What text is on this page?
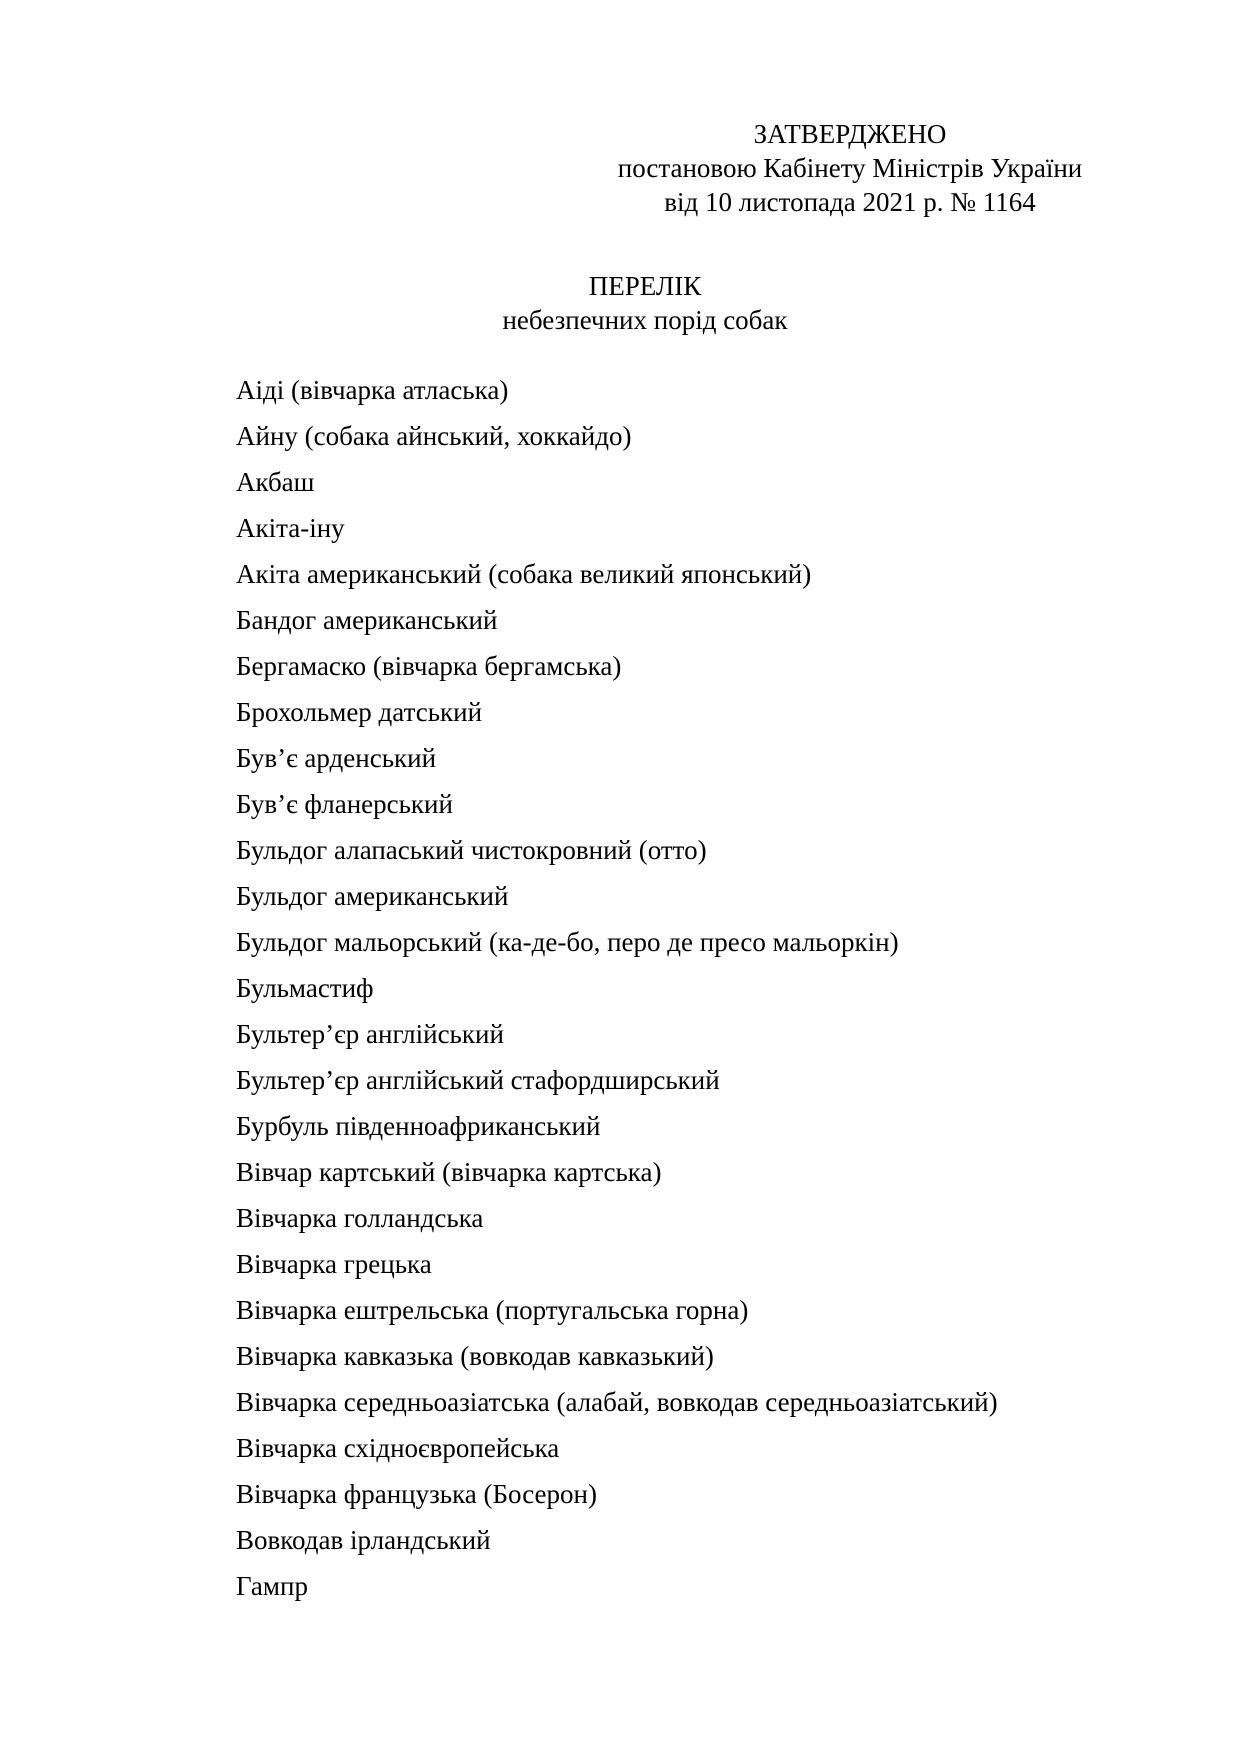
ЗАТВЕРДЖЕНО
постановою Кабінету Міністрів України
від 10 листопада 2021 р. № 1164
ПЕРЕЛІК
небезпечних порід собак
Аіді (вівчарка атласька)
Айну (собака айнський, хоккайдо)
Акбаш
Акіта-іну
Акіта американський (собака великий японський)
Бандог американський
Бергамаско (вівчарка бергамська)
Брохольмер датський
Був’є арденський
Був’є фланерський
Бульдог алапаський чистокровний (отто)
Бульдог американський
Бульдог мальорський (ка-де-бо, перо де пресо мальоркін)
Бульмастиф
Бультер’єр англійський
Бультер’єр англійський стафордширський
Бурбуль південноафриканський
Вівчар картський (вівчарка картська)
Вівчарка голландська
Вівчарка грецька
Вівчарка ештрельська (португальська горна)
Вівчарка кавказька (вовкодав кавказький)
Вівчарка середньоазіатська (алабай, вовкодав середньоазіатський)
Вівчарка східноєвропейська
Вівчарка французька (Босерон)
Вовкодав ірландський
Гампр
